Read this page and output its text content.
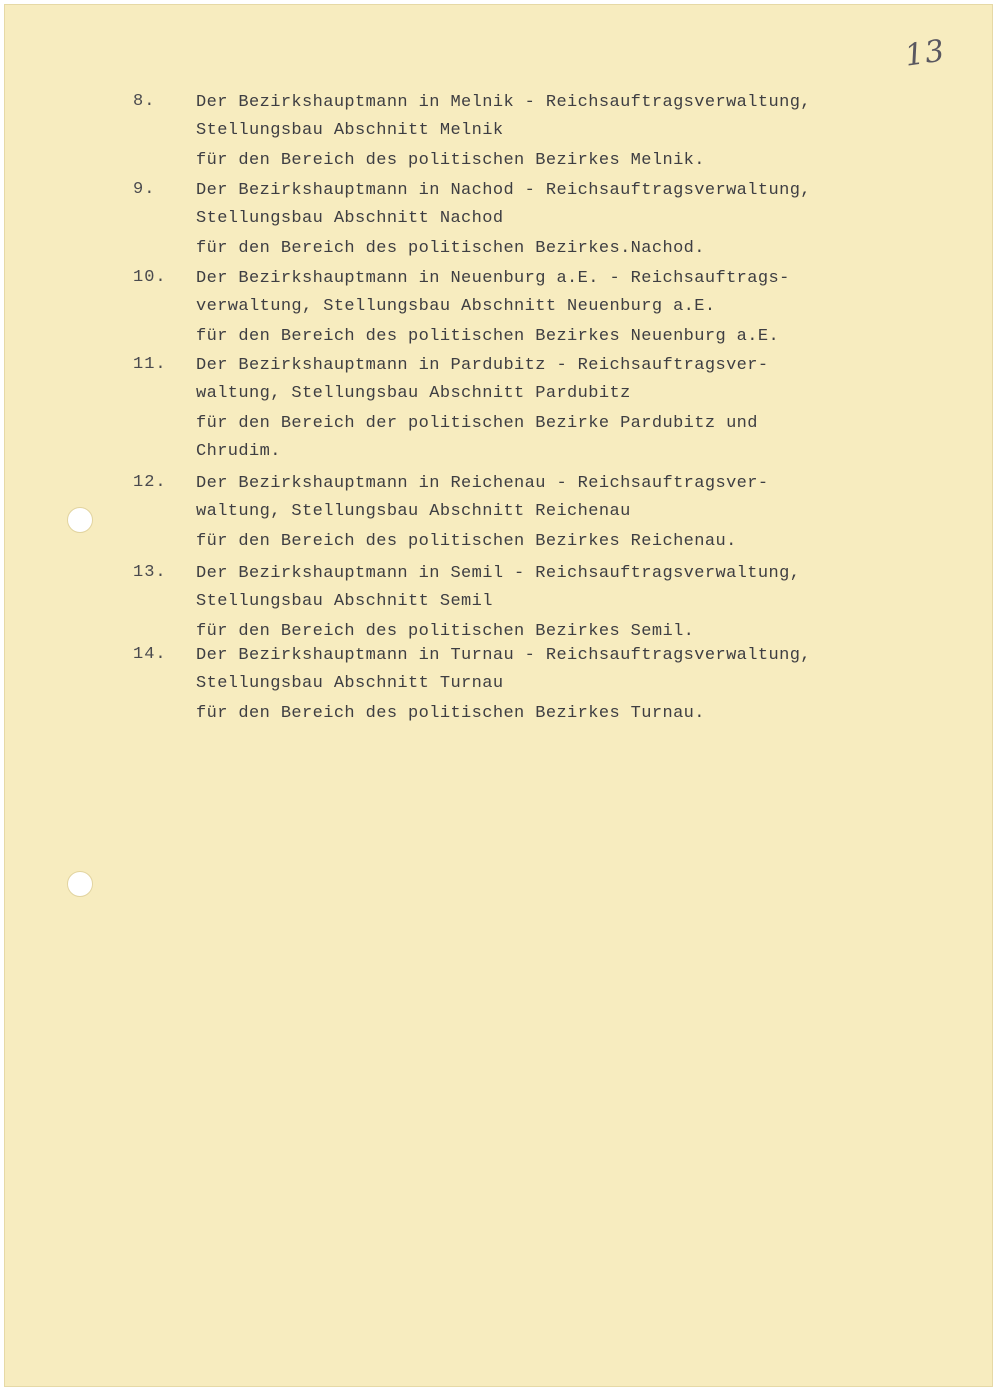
13
8. Der Bezirkshauptmann in Melnik - Reichsauftragsverwaltung,
Stellungsbau Abschnitt Melnik
für den Bereich des politischen Bezirkes Melnik.
9. Der Bezirkshauptmann in Nachod - Reichsauftragsverwaltung,
Stellungsbau Abschnitt Nachod
für den Bereich des politischen Bezirkes.Nachod.
10. Der Bezirkshauptmann in Neuenburg a.E. - Reichsauftrags-
verwaltung, Stellungsbau Abschnitt Neuenburg a.E.
für den Bereich des politischen Bezirkes Neuenburg a.E.
11. Der Bezirkshauptmann in Pardubitz - Reichsauftragsver-
waltung, Stellungsbau Abschnitt Pardubitz
für den Bereich der politischen Bezirke Pardubitz und
Chrudim.
12. Der Bezirkshauptmann in Reichenau - Reichsauftragsver-
waltung, Stellungsbau Abschnitt Reichenau
für den Bereich des politischen Bezirkes Reichenau.
13. Der Bezirkshauptmann in Semil - Reichsauftragsverwaltung,
Stellungsbau Abschnitt Semil
für den Bereich des politischen Bezirkes Semil.
14. Der Bezirkshauptmann in Turnau - Reichsauftragsverwaltung,
Stellungsbau Abschnitt Turnau
für den Bereich des politischen Bezirkes Turnau.
